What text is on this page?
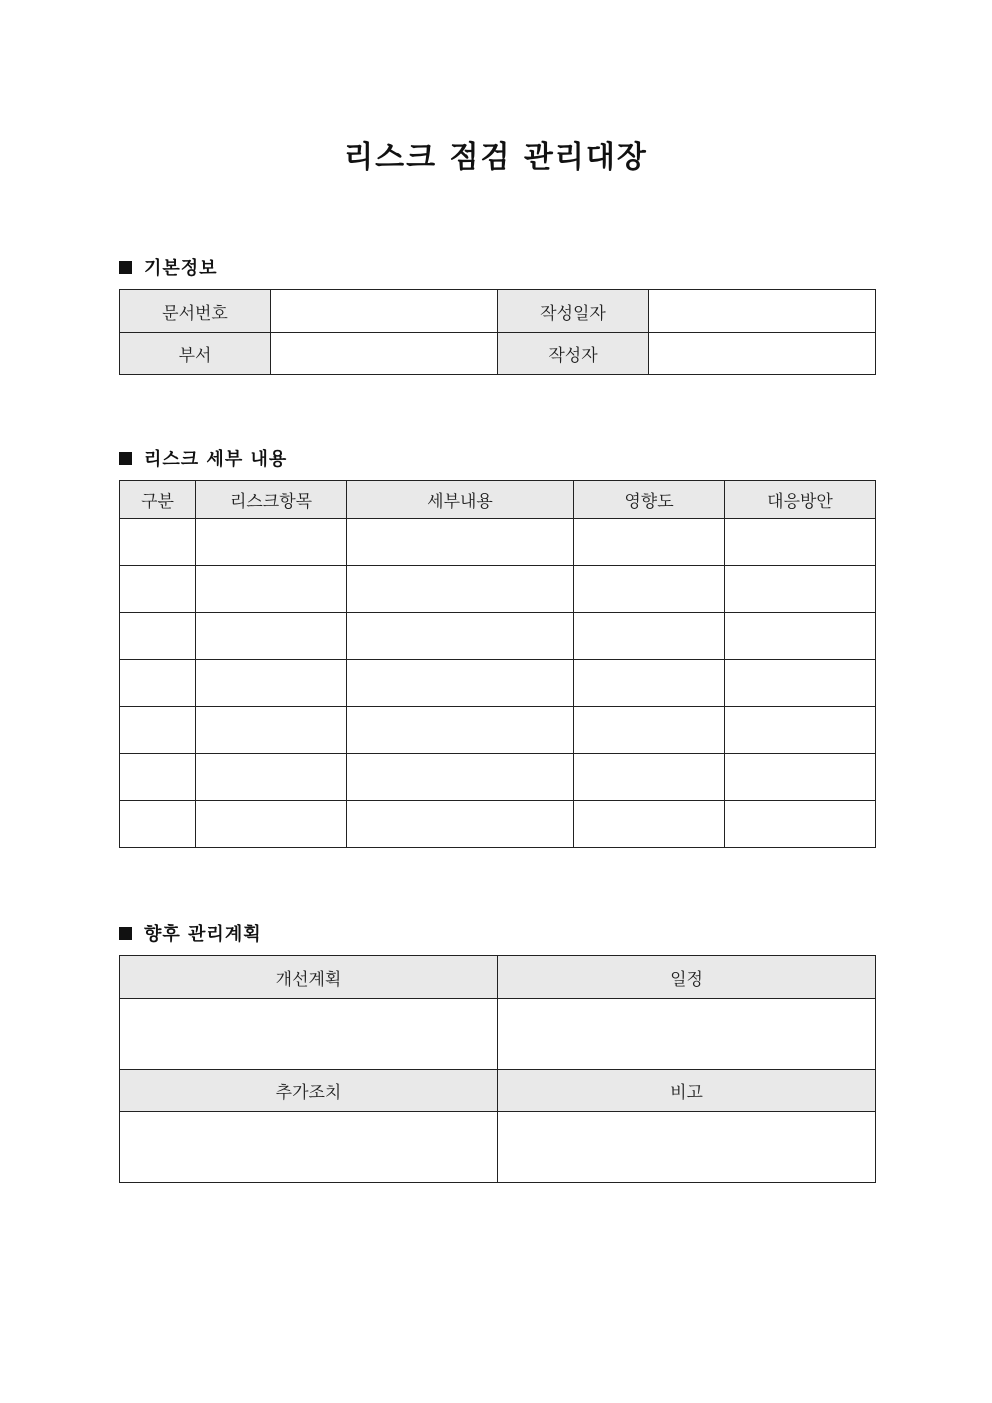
리스크 점검 관리대장
기본정보
문서번호		작성일자	
부서		작성자	
리스크 세부 내용
구분	리스크항목	세부내용	영향도	대응방안

향후 관리계획
개선계획	일정

추가조치	비고
